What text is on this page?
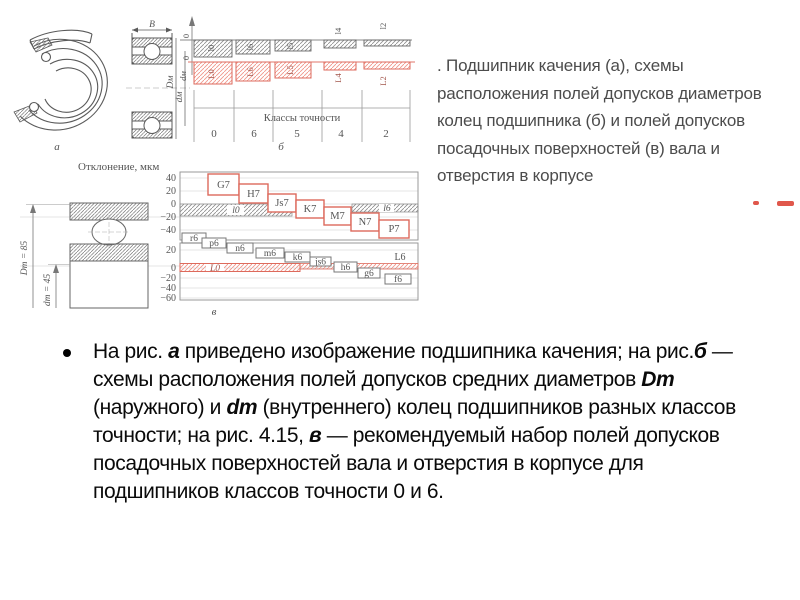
а
B
Dм
dм
0
0
dм
l0	l6	l5
l4
l2
L0	L6	L5
L4	L2
Классы точности
0	6	5	4	2
б
Отклонение, мкм
40
20
0
−20
−40
20
0
−20
−40
−60
G7
H7
Js7
K7
M7
N7
P7
l0	l6
r6 p6 n6 m6 k6 js6
h6
g6
f6
L0
L6
Dm = 85
dm = 45
в
. Подшипник качения (а), схемы расположения полей допусков диаметров колец подшипника (б) и полей допусков посадочных поверхностей (в) вала и отверстия в корпусе
На рис. а приведено изображение подшипника качения; на рис.б — схемы расположения полей допусков средних диаметров Dm (наружного) и dm (внутреннего) колец подшипников разных классов точности; на рис. 4.15, в — рекомендуемый набор полей допусков посадочных поверхностей вала и отверстия в корпусе для подшипников классов точности 0 и 6.
